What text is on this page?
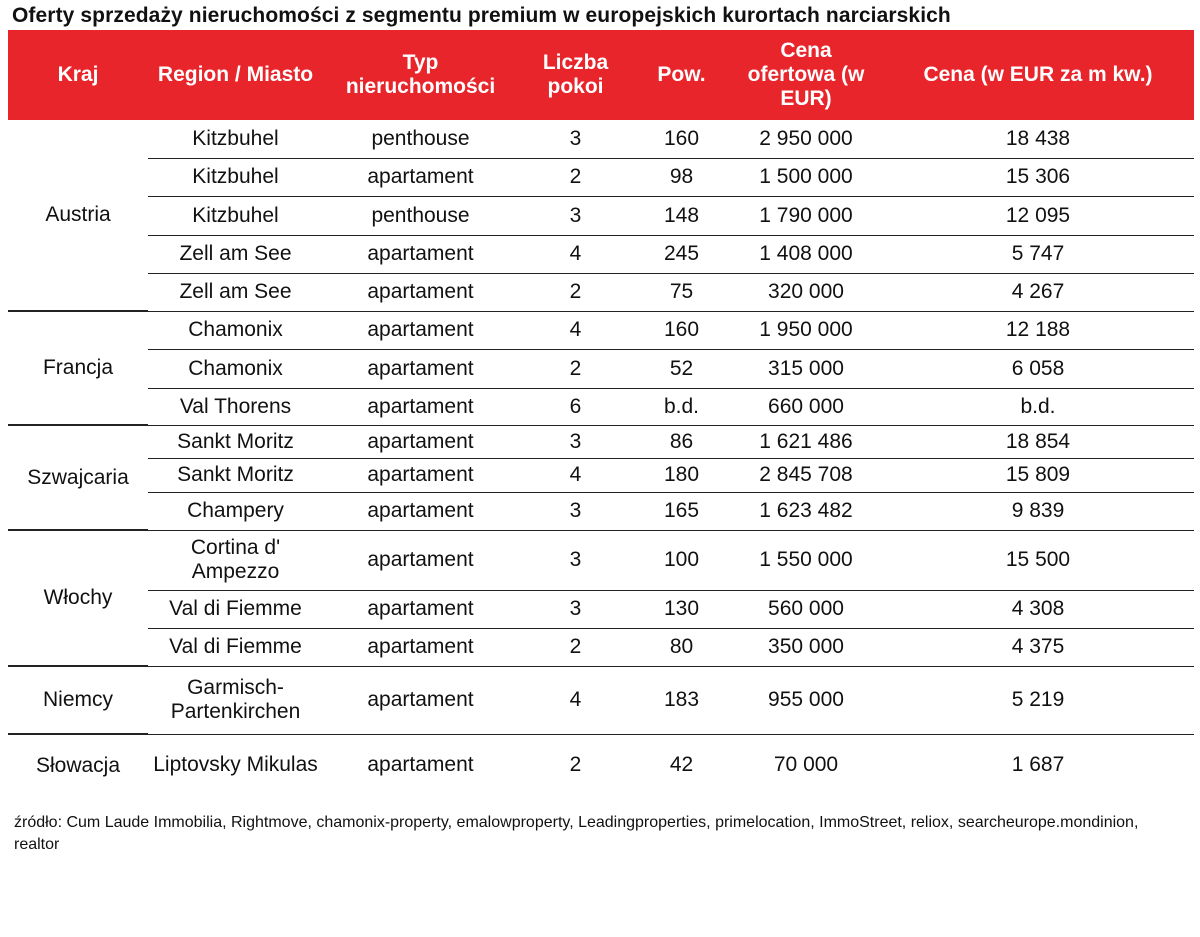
Oferty sprzedaży nieruchomości z segmentu premium w europejskich kurortach narciarskich
Kraj	Region / Miasto	Typ nieruchomości	Liczba pokoi	Pow.	Cena ofertowa (w EUR)	Cena (w EUR za m kw.)
Austria	Kitzbuhel	penthouse	3	160	2 950 000	18 438
	Kitzbuhel	apartament	2	98	1 500 000	15 306
	Kitzbuhel	penthouse	3	148	1 790 000	12 095
	Zell am See	apartament	4	245	1 408 000	5 747
	Zell am See	apartament	2	75	320 000	4 267
Francja	Chamonix	apartament	4	160	1 950 000	12 188
	Chamonix	apartament	2	52	315 000	6 058
	Val Thorens	apartament	6	b.d.	660 000	b.d.
Szwajcaria	Sankt Moritz	apartament	3	86	1 621 486	18 854
	Sankt Moritz	apartament	4	180	2 845 708	15 809
	Champery	apartament	3	165	1 623 482	9 839
Włochy	Cortina d' Ampezzo	apartament	3	100	1 550 000	15 500
	Val di Fiemme	apartament	3	130	560 000	4 308
	Val di Fiemme	apartament	2	80	350 000	4 375
Niemcy	Garmisch-Partenkirchen	apartament	4	183	955 000	5 219
Słowacja	Liptovsky Mikulas	apartament	2	42	70 000	1 687
źródło: Cum Laude Immobilia, Rightmove, chamonix-property, emalowproperty, Leadingproperties, primelocation, ImmoStreet, reliox, searcheurope.mondinion, realtor
